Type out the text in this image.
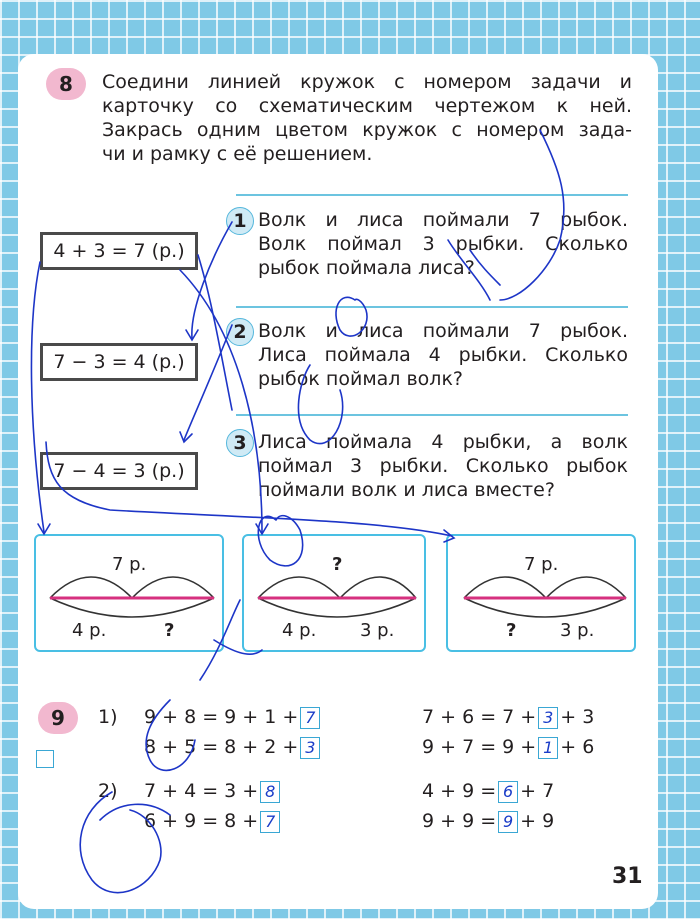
8	Соедини линией кружок с номером задачи и
карточку со схематическим чертежом к ней.
Закрась одним цветом кружок с номером зада-
чи и рамку с её решением.
1 Волк и лиса поймали 7 рыбок.
Волк поймал 3 рыбки. Сколько
рыбок поймала лиса?
2 Волк и лиса поймали 7 рыбок.
Лиса поймала 4 рыбки. Сколько
рыбок поймал волк?
3 Лиса поймала 4 рыбки, а волк
поймал 3 рыбки. Сколько рыбок
поймали волк и лиса вместе?
4 + 3 = 7 (р.)
7 − 3 = 4 (р.)
7 − 4 = 3 (р.)
7 р.
4 р.	?
?
4 р. 3 р.
7 р.
? 3 р.
9	1) 9 + 8 = 9 + 1 + 7
8 + 5 = 8 + 2 + 3
7 + 6 = 7 + 3 + 3
9 + 7 = 9 + 1 + 6
2) 7 + 4 = 3 + 8
6 + 9 = 8 + 7
4 + 9 = 6 + 7
9 + 9 = 9 + 9
31
